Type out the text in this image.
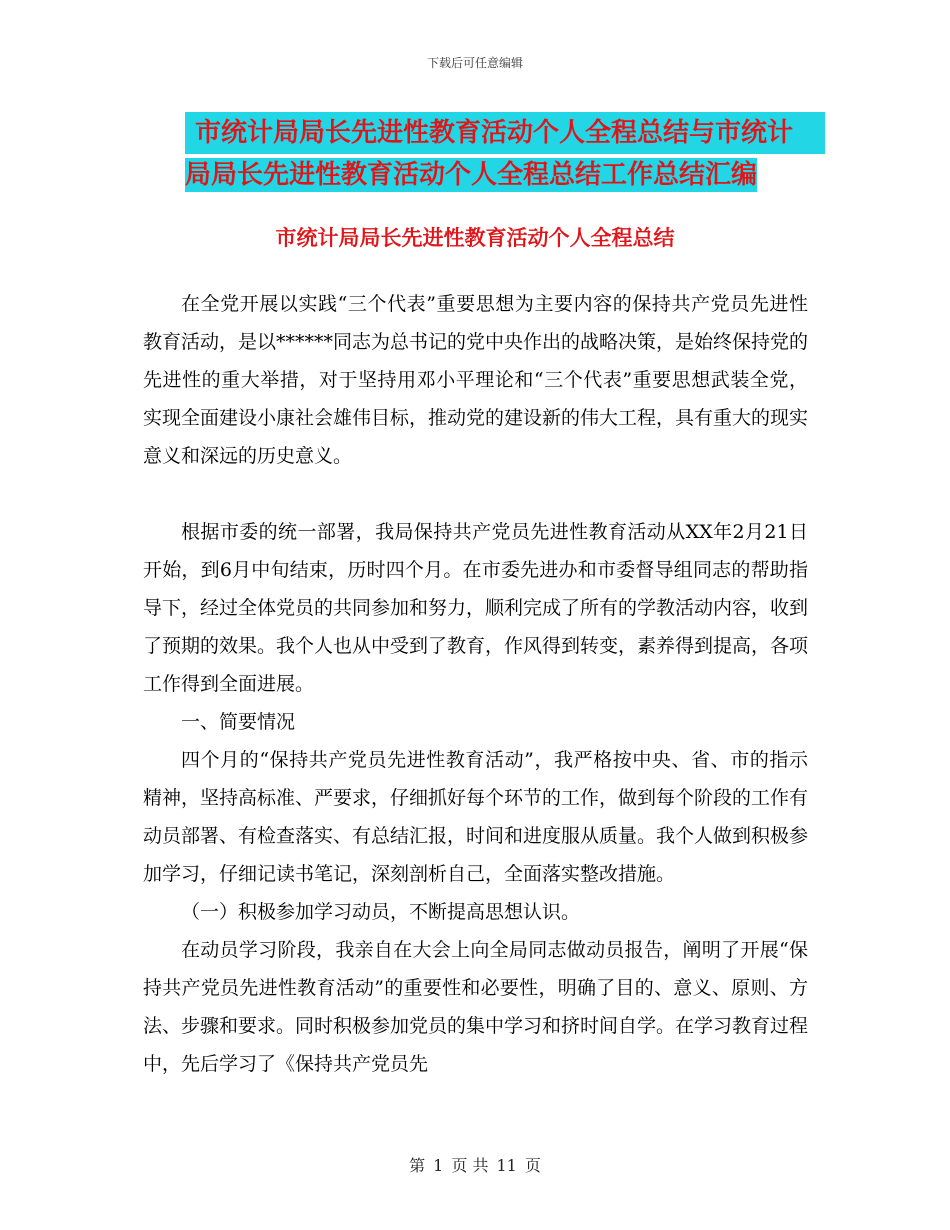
下载后可任意编辑
市统计局局长先进性教育活动个人全程总结与市统计
局局长先进性教育活动个人全程总结工作总结汇编
市统计局局长先进性教育活动个人全程总结

在全党开展以实践“三个代表”重要思想为主要内容的保持共产党员先进性教育活动，是以******同志为总书记的党中央作出的战略决策，是始终保持党的先进性的重大举措，对于坚持用邓小平理论和“三个代表”重要思想武装全党，实现全面建设小康社会雄伟目标，推动党的建设新的伟大工程，具有重大的现实意义和深远的历史意义。

根据市委的统一部署，我局保持共产党员先进性教育活动从XX年2月21日开始，到6月中旬结束，历时四个月。在市委先进办和市委督导组同志的帮助指导下，经过全体党员的共同参加和努力，顺利完成了所有的学教活动内容，收到了预期的效果。我个人也从中受到了教育，作风得到转变，素养得到提高，各项工作得到全面进展。

一、简要情况

四个月的“保持共产党员先进性教育活动”，我严格按中央、省、市的指示精神，坚持高标准、严要求，仔细抓好每个环节的工作，做到每个阶段的工作有动员部署、有检查落实、有总结汇报，时间和进度服从质量。我个人做到积极参加学习，仔细记读书笔记，深刻剖析自己，全面落实整改措施。

（一）积极参加学习动员，不断提高思想认识。

在动员学习阶段，我亲自在大会上向全局同志做动员报告，阐明了开展“保持共产党员先进性教育活动”的重要性和必要性，明确了目的、意义、原则、方法、步骤和要求。同时积极参加党员的集中学习和挤时间自学。在学习教育过程中，先后学习了《保持共产党员先

第 1 页 共 11 页
